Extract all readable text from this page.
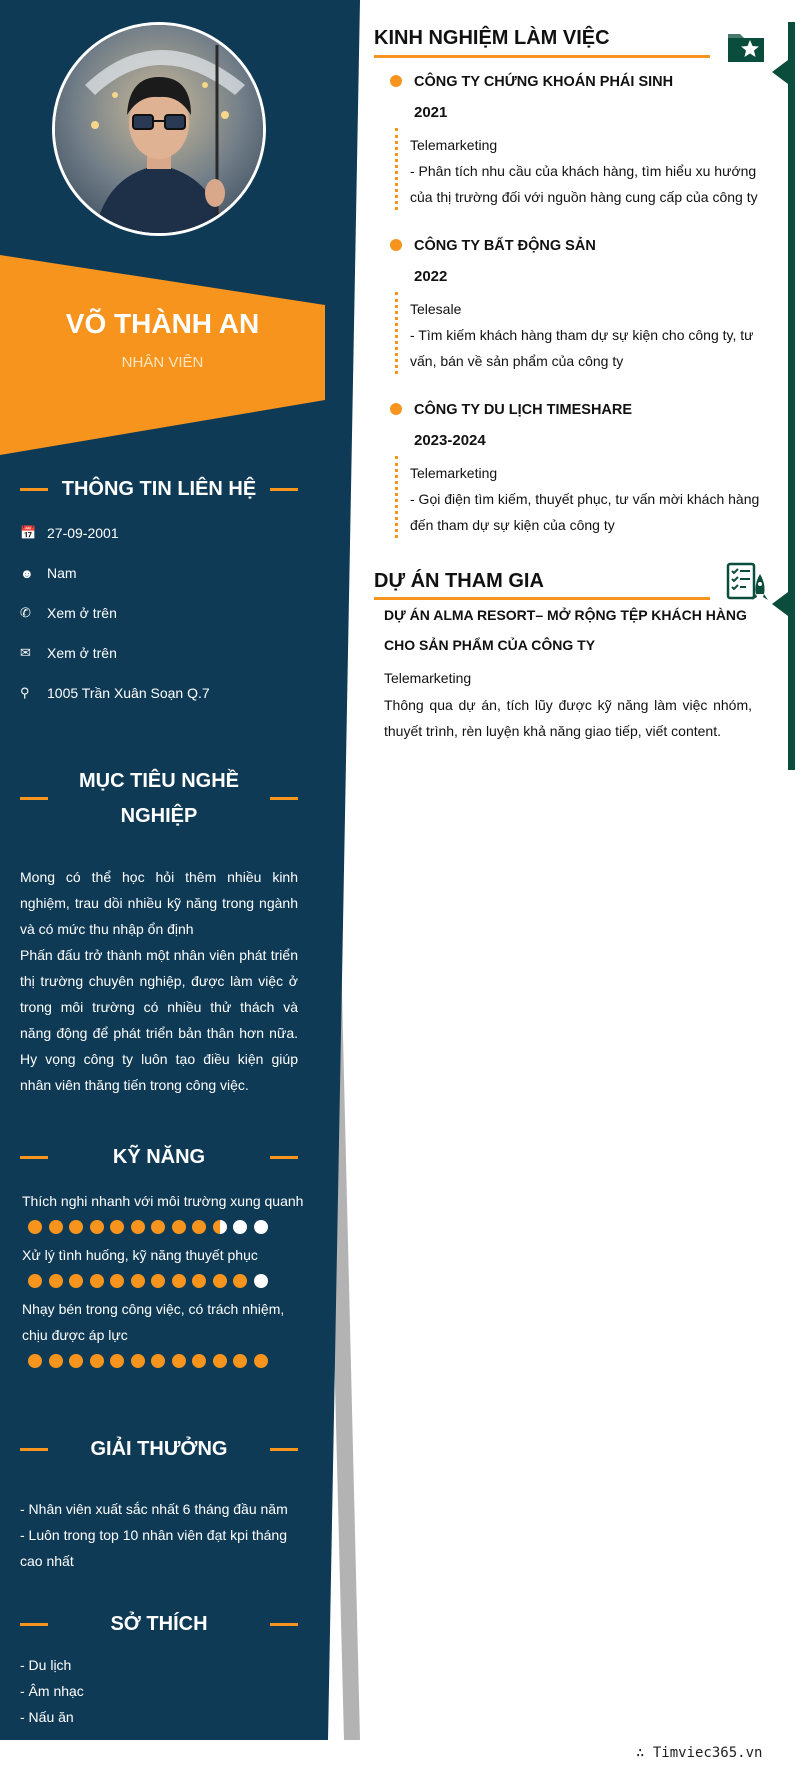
VÕ THÀNH AN
NHÂN VIÊN
THÔNG TIN LIÊN HỆ
📅 27-09-2001
☻ Nam
✆	Xem ở trên
✉	Xem ở trên
⚲	1005 Trần Xuân Soạn Q.7
MỤC TIÊU NGHỀ
NGHIỆP

Mong có thể học hỏi thêm nhiều kinh nghiệm, trau dồi nhiều kỹ năng trong ngành và có mức thu nhập ổn định

Phấn đấu trở thành một nhân viên phát triển thị trường chuyên nghiệp, được làm việc ở trong môi trường có nhiều thử thách và năng động để phát triển bản thân hơn nữa. Hy vọng công ty luôn tạo điều kiện giúp nhân viên thăng tiến trong công việc.

KỸ NĂNG
Thích nghi nhanh với môi trường xung quanh
Xử lý tình huống, kỹ năng thuyết phục
Nhạy bén trong công việc, có trách nhiệm, chịu được áp lực
GIẢI THƯỞNG

- Nhân viên xuất sắc nhất 6 tháng đầu năm

- Luôn trong top 10 nhân viên đạt kpi tháng cao nhất

SỞ THÍCH

- Du lịch

- Âm nhạc

- Nấu ăn

KINH NGHIỆM LÀM VIỆC
CÔNG TY CHỨNG KHOÁN PHÁI SINH
2021
Telemarketing
- Phân tích nhu cầu của khách hàng, tìm hiểu xu hướng của thị trường đối với nguồn hàng cung cấp của công ty
CÔNG TY BẤT ĐỘNG SẢN
2022
Telesale
- Tìm kiếm khách hàng tham dự sự kiện cho công ty, tư vấn, bán về sản phẩm của công ty
CÔNG TY DU LỊCH TIMESHARE
2023-2024
Telemarketing
- Gọi điện tìm kiếm, thuyết phục, tư vấn mời khách hàng đến tham dự sự kiện của công ty
DỰ ÁN THAM GIA
DỰ ÁN ALMA RESORT– MỞ RỘNG TỆP KHÁCH HÀNG CHO SẢN PHẨM CỦA CÔNG TY
Telemarketing
Thông qua dự án, tích lũy được kỹ năng làm việc nhóm, thuyết trình, rèn luyện khả năng giao tiếp, viết content.
∴ Timviec365.vn
